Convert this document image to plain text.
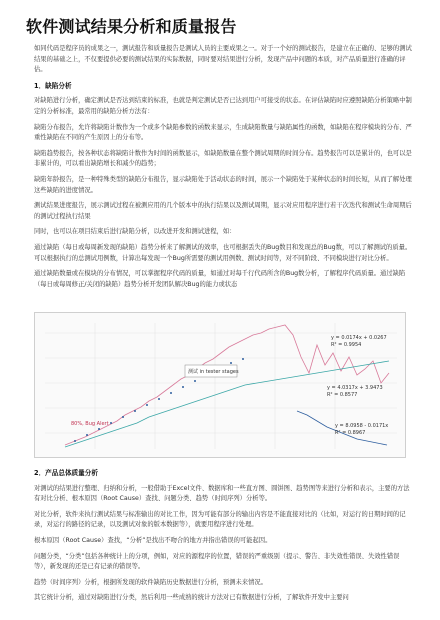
软件测试结果分析和质量报告

如同代码是程序员的成果之一，测试报告和质量报告是测试人员的主要成果之一。对于一个好的测试报告，是建立在正确的、足够的测试结果的基础之上，不仅要提供必要的测试结果的实际数据，同时要对结果进行分析，发现产品中问题的本质，对产品质量进行准确的评估。

1．缺陷分析

对缺陷进行分析，确定测试是否达到结束的标准，也就是判定测试是否已达到用户可接受的状态。在评估缺陷时应遵照缺陷分析策略中制定的分析标准，最常用的缺陷分析方法有：

缺陷分布报告，允许将缺陷计数作为一个或多个缺陷参数的函数来显示，生成缺陷数量与缺陷属性的函数，如缺陷在程序模块的分布、严重性缺陷在不同的产生原因上的分布等。

缺陷趋势报告，按各种状态将缺陷计数作为时间的函数显示，如缺陷数量在整个测试周期的时间分布。趋势报告可以是累计的，也可以是非累计的，可以看出缺陷增长和减少的趋势；

缺陷年龄报告，是一种特殊类型的缺陷分布报告，显示缺陷处于活动状态的时间，展示一个缺陷处于某种状态的时间长短，从而了解处理这些缺陷的进度情况。

测试结果进度报告，展示测试过程在被测应用的几个版本中的执行结果以及测试周期，显示对应用程序进行若干次迭代和测试生命周期后的测试过程执行结果

同时，也可以在项目结束后进行缺陷分析，以改进开发和测试进程，如：

通过缺陷（每日或每周新发现的缺陷）趋势分析来了解测试的效率，也可根据丢失的Bug数目和发现总的Bug数，可以了解测试的质量。可以根据执行的总测试用例数，计算出每发现一个Bug所需要的测试用例数、测试时间等，对不同阶段、不同模块进行对比分析。

通过缺陷数量或在模块的分布情况，可以掌握程序代码的质量，如通过对每千行代码所含的Bug数分析，了解程序代码质量。通过缺陷（每日或每周修正/关闭的缺陷）趋势分析开发团队解决Bug的能力或状态

y = 0.0174x + 0.0267
R² = 0.9954
y = 4.0317x + 3.9473
R² = 0.8577
y = 8.0958 - 0.0171x
R² = 0.8967
测试 in tester stages
80%, Bug Alert
2．产品总体质量分析

对测试的结果进行整理、归纳和分析，一般借助于Excel文件、数据库和一些直方图、圆饼图、趋势图等来进行分析和表示，主要的方法有对比分析、根本原因（Root Cause）查找、问题分类、趋势（时间序列）分析等。

对比分析，软件来执行测试结果与标准输出的对比工作，因为可能有部分的输出内容是不能直接对比的（比如，对运行的日期时间的记录，对运行的路径的记录，以及测试对象的版本数据等），就要用程序进行处理。

根本原因（Root Cause）查找，“分析”是找出不吻合的地方并指出错误的可能起因。

问题分类，“分类”包括各种统计上的分项，例如，对应的源程序的位置，错误的严重级别（提示、警告、非失效性错误、失效性错误等），新发现的还是已有记录的错误等。

趋势（时间序列）分析，根据所发现的软件缺陷历史数据进行分析，预测未来情况。

其它统计分析，通过对缺陷进行分类，然后利用一些成熟的统计方法对已有数据进行分析，了解软件开发中主要问
